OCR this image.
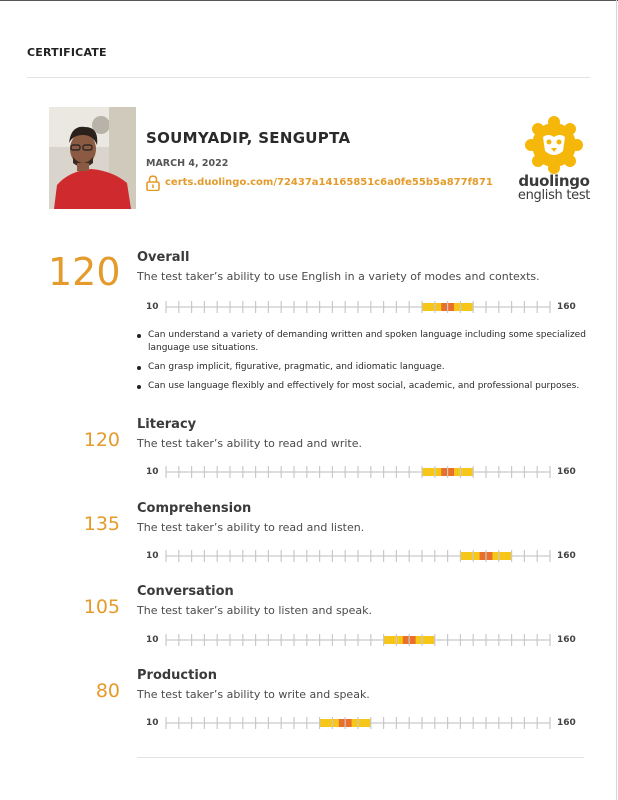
CERTIFICATE
SOUMYADIP, SENGUPTA
MARCH 4, 2022
certs.duolingo.com/72437a14165851c6a0fe55b5a877f871 duolingo
english test
120 Overall
The test taker’s ability to use English in a variety of modes and contexts.
10	160
Can understand a variety of demanding written and spoken language including some specialized language use situations.
Can grasp implicit, figurative, pragmatic, and idiomatic language.
Can use language flexibly and effectively for most social, academic, and professional purposes.
120
Literacy
The test taker’s ability to read and write.
10	160
135
Comprehension
The test taker’s ability to read and listen.
10	160
105
Conversation
The test taker’s ability to listen and speak.
10	160
80
Production
The test taker’s ability to write and speak.
10	160
